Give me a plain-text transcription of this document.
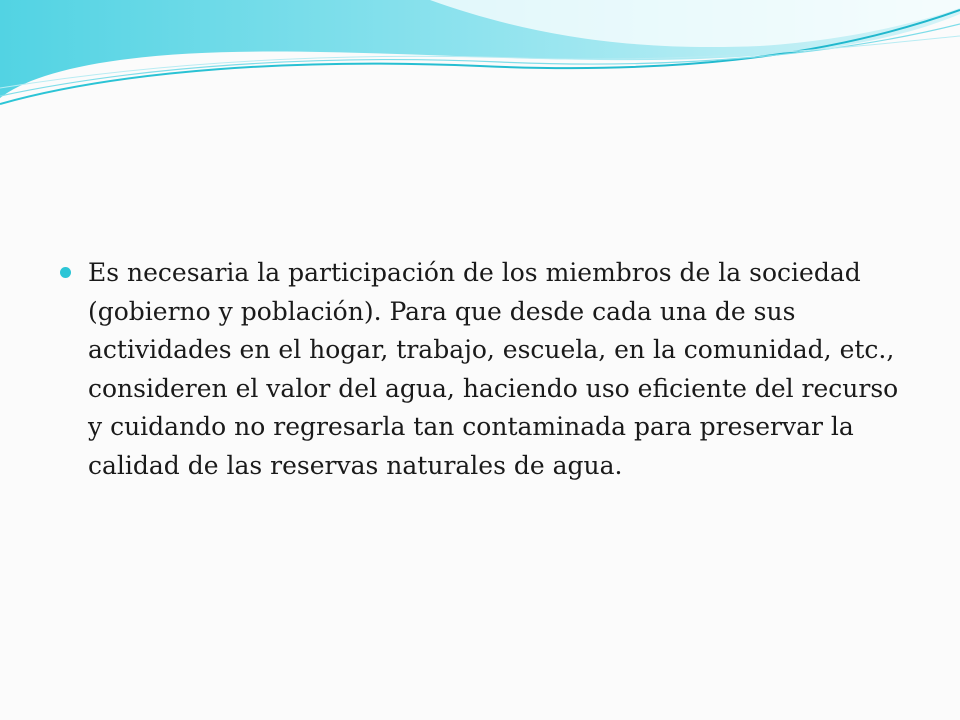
Es necesaria la participación de los miembros de la sociedad (gobierno y población). Para que desde cada una de sus actividades en el hogar, trabajo, escuela, en la comunidad, etc., consideren el valor del agua, haciendo uso eficiente del recurso y cuidando no regresarla tan contaminada para preservar la calidad de las reservas naturales de agua.
